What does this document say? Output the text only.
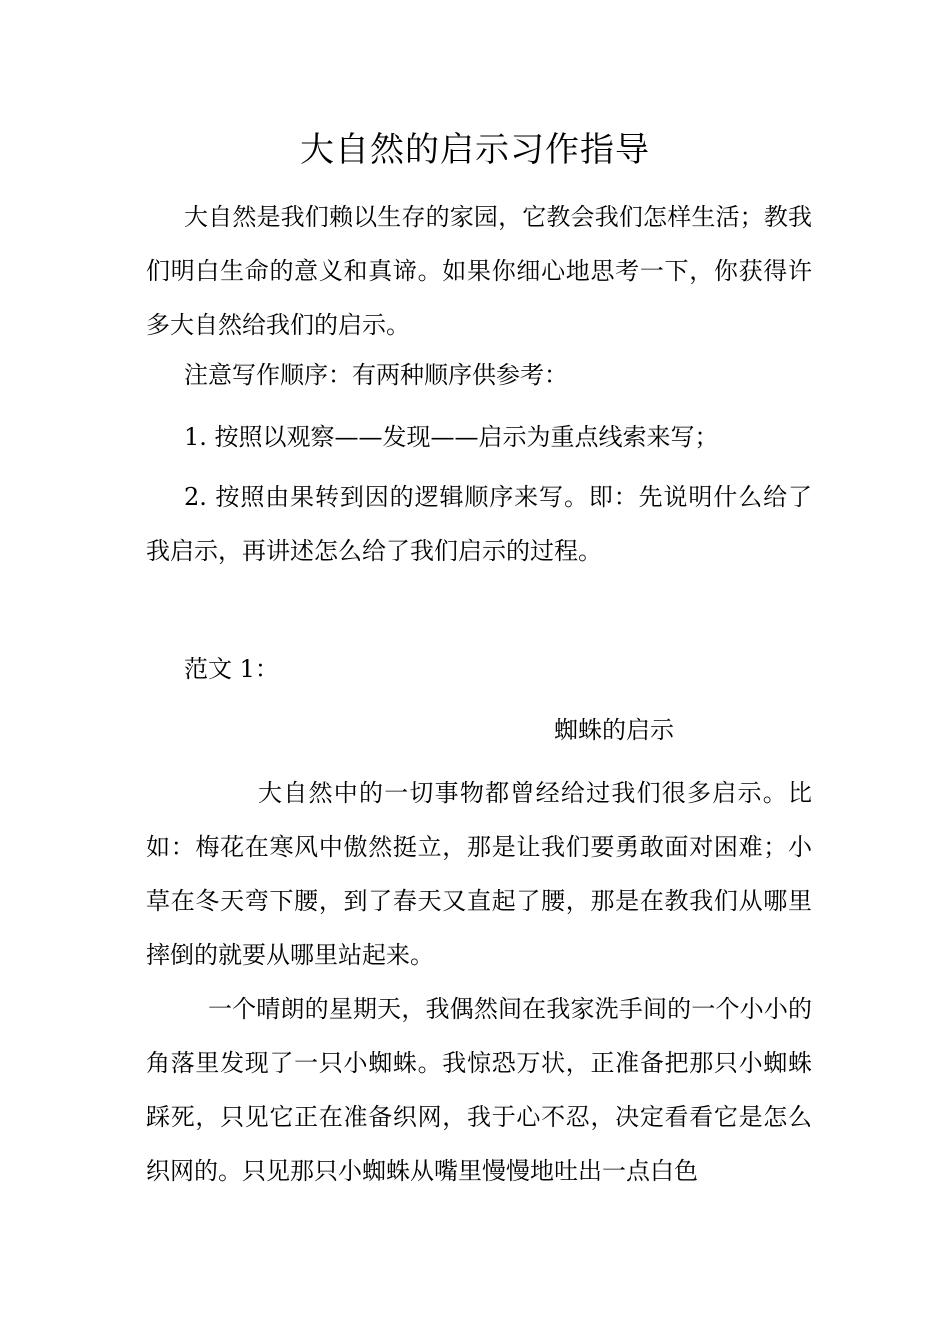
大自然的启示习作指导

大自然是我们赖以生存的家园，它教会我们怎样生活；教我们明白生命的意义和真谛。如果你细心地思考一下，你获得许多大自然给我们的启示。

注意写作顺序：有两种顺序供参考：

1. 按照以观察——发现——启示为重点线索来写；

2. 按照由果转到因的逻辑顺序来写。即：先说明什么给了我启示，再讲述怎么给了我们启示的过程。

范文 1：

蜘蛛的启示

大自然中的一切事物都曾经给过我们很多启示。比如：梅花在寒风中傲然挺立，那是让我们要勇敢面对困难；小草在冬天弯下腰，到了春天又直起了腰，那是在教我们从哪里摔倒的就要从哪里站起来。

一个晴朗的星期天，我偶然间在我家洗手间的一个小小的角落里发现了一只小蜘蛛。我惊恐万状，正准备把那只小蜘蛛踩死，只见它正在准备织网，我于心不忍，决定看看它是怎么织网的。只见那只小蜘蛛从嘴里慢慢地吐出一点白色
